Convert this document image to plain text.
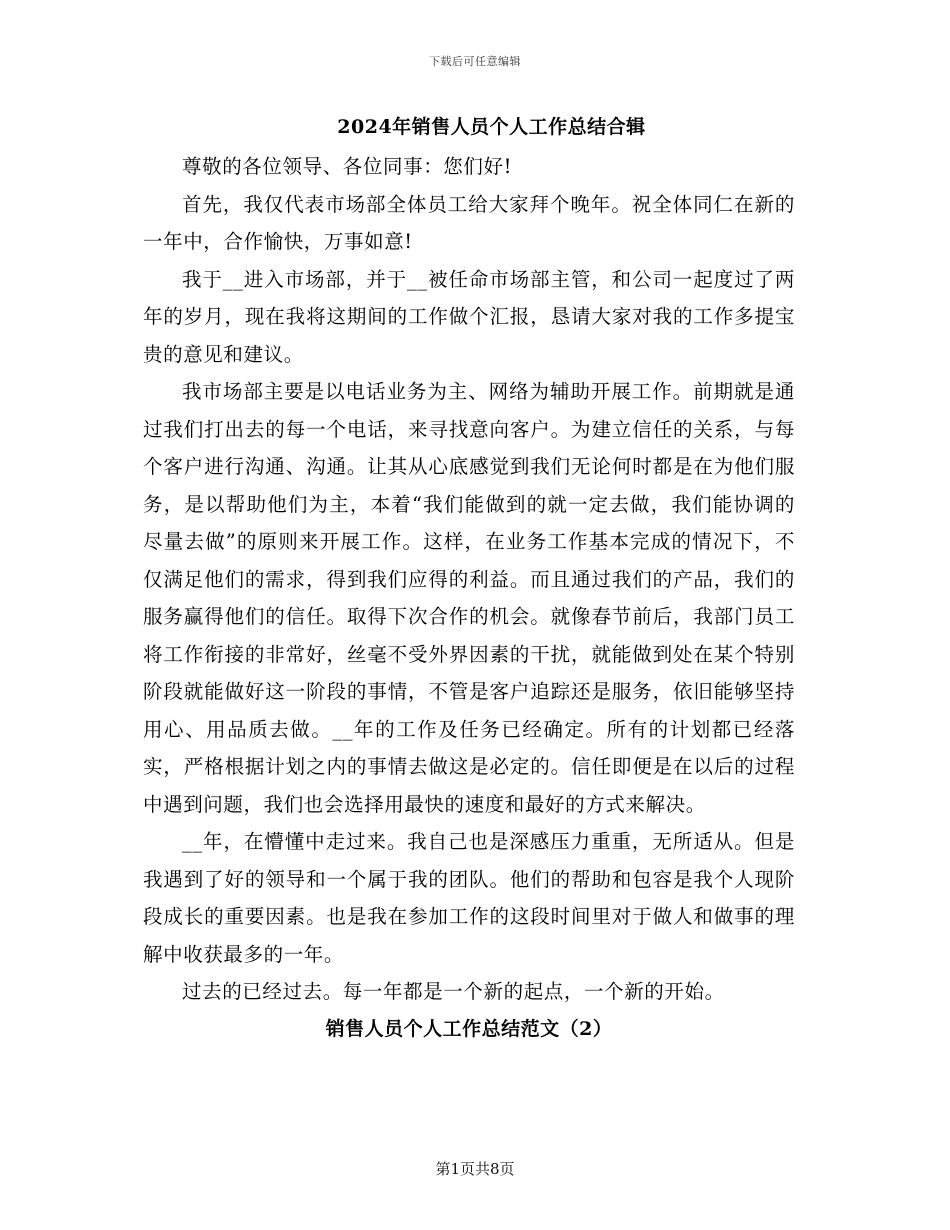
下载后可任意编辑
2024年销售人员个人工作总结合辑

尊敬的各位领导、各位同事：您们好!

首先，我仅代表市场部全体员工给大家拜个晚年。祝全体同仁在新的一年中，合作愉快，万事如意!

我于__进入市场部，并于__被任命市场部主管，和公司一起度过了两年的岁月，现在我将这期间的工作做个汇报，恳请大家对我的工作多提宝贵的意见和建议。

我市场部主要是以电话业务为主、网络为辅助开展工作。前期就是通过我们打出去的每一个电话，来寻找意向客户。为建立信任的关系，与每个客户进行沟通、沟通。让其从心底感觉到我们无论何时都是在为他们服务，是以帮助他们为主，本着“我们能做到的就一定去做，我们能协调的尽量去做”的原则来开展工作。这样，在业务工作基本完成的情况下，不仅满足他们的需求，得到我们应得的利益。而且通过我们的产品，我们的服务赢得他们的信任。取得下次合作的机会。就像春节前后，我部门员工将工作衔接的非常好，丝毫不受外界因素的干扰，就能做到处在某个特别阶段就能做好这一阶段的事情，不管是客户追踪还是服务，依旧能够坚持用心、用品质去做。__年的工作及任务已经确定。所有的计划都已经落实，严格根据计划之内的事情去做这是必定的。信任即便是在以后的过程中遇到问题，我们也会选择用最快的速度和最好的方式来解决。

__年，在懵懂中走过来。我自己也是深感压力重重，无所适从。但是我遇到了好的领导和一个属于我的团队。他们的帮助和包容是我个人现阶段成长的重要因素。也是我在参加工作的这段时间里对于做人和做事的理解中收获最多的一年。

过去的已经过去。每一年都是一个新的起点，一个新的开始。

销售人员个人工作总结范文（2）
第1页共8页
